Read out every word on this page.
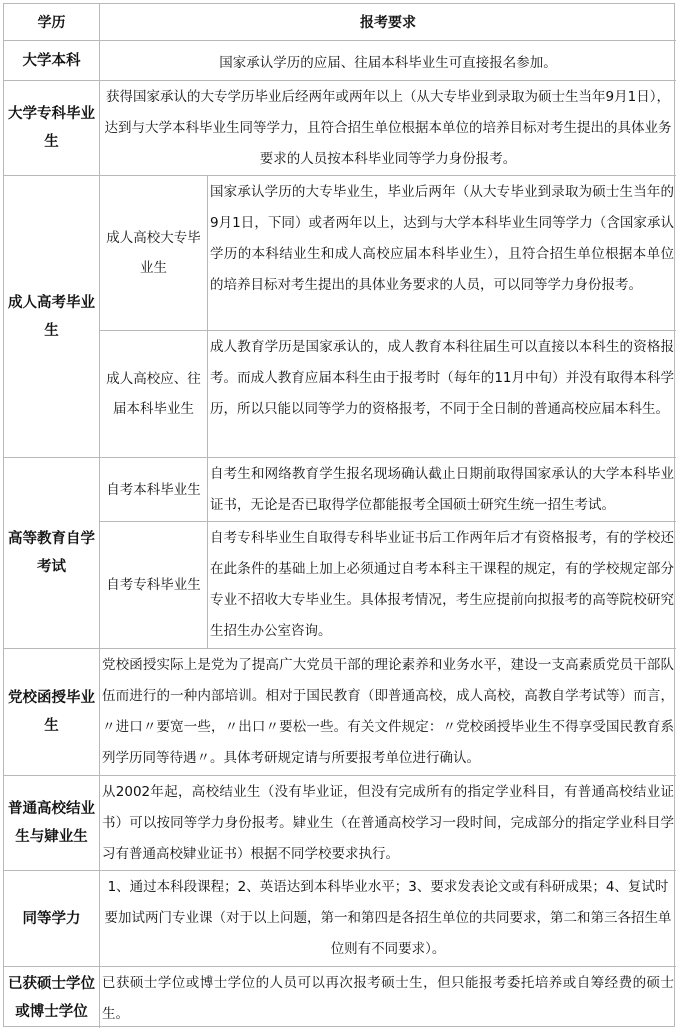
学历	报考要求
大学本科	国家承认学历的应届、往届本科毕业生可直接报名参加。
大学专科毕业生
获得国家承认的大专学历毕业后经两年或两年以上（从大专毕业到录取为硕士生当年9月1日），达到与大学本科毕业生同等学力，且符合招生单位根据本单位的培养目标对考生提出的具体业务要求的人员按本科毕业同等学力身份报考。
成人高考毕业生
成人高校大专毕业生
国家承认学历的大专毕业生，毕业后两年（从大专毕业到录取为硕士生当年的9月1日，下同）或者两年以上，达到与大学本科毕业生同等学力（含国家承认学历的本科结业生和成人高校应届本科毕业生），且符合招生单位根据本单位的培养目标对考生提出的具体业务要求的人员，可以同等学力身份报考。
成人高校应、往届本科毕业生
成人教育学历是国家承认的，成人教育本科往届生可以直接以本科生的资格报考。而成人教育应届本科生由于报考时（每年的11月中旬）并没有取得本科学历，所以只能以同等学力的资格报考，不同于全日制的普通高校应届本科生。
高等教育自学考试
自考本科毕业生
自考生和网络教育学生报名现场确认截止日期前取得国家承认的大学本科毕业证书，无论是否已取得学位都能报考全国硕士研究生统一招生考试。
自考专科毕业生
自考专科毕业生自取得专科毕业证书后工作两年后才有资格报考，有的学校还在此条件的基础上加上必须通过自考本科主干课程的规定，有的学校规定部分专业不招收大专毕业生。具体报考情况，考生应提前向拟报考的高等院校研究生招生办公室咨询。
党校函授毕业生
党校函授实际上是党为了提高广大党员干部的理论素养和业务水平，建设一支高素质党员干部队伍而进行的一种内部培训。相对于国民教育（即普通高校，成人高校，高教自学考试等）而言，〃进口〃要宽一些，〃出口〃要松一些。有关文件规定：〃党校函授毕业生不得享受国民教育系列学历同等待遇〃。具体考研规定请与所要报考单位进行确认。
普通高校结业生与肄业生
从2002年起，高校结业生（没有毕业证，但没有完成所有的指定学业科目，有普通高校结业证书）可以按同等学力身份报考。肄业生（在普通高校学习一段时间，完成部分的指定学业科目学习有普通高校肄业证书）根据不同学校要求执行。
同等学力
1、通过本科段课程；2、英语达到本科毕业水平；3、要求发表论文或有科研成果；4、复试时要加试两门专业课（对于以上问题，第一和第四是各招生单位的共同要求，第二和第三各招生单位则有不同要求）。
已获硕士学位或博士学位
已获硕士学位或博士学位的人员可以再次报考硕士生，但只能报考委托培养或自筹经费的硕士生。
